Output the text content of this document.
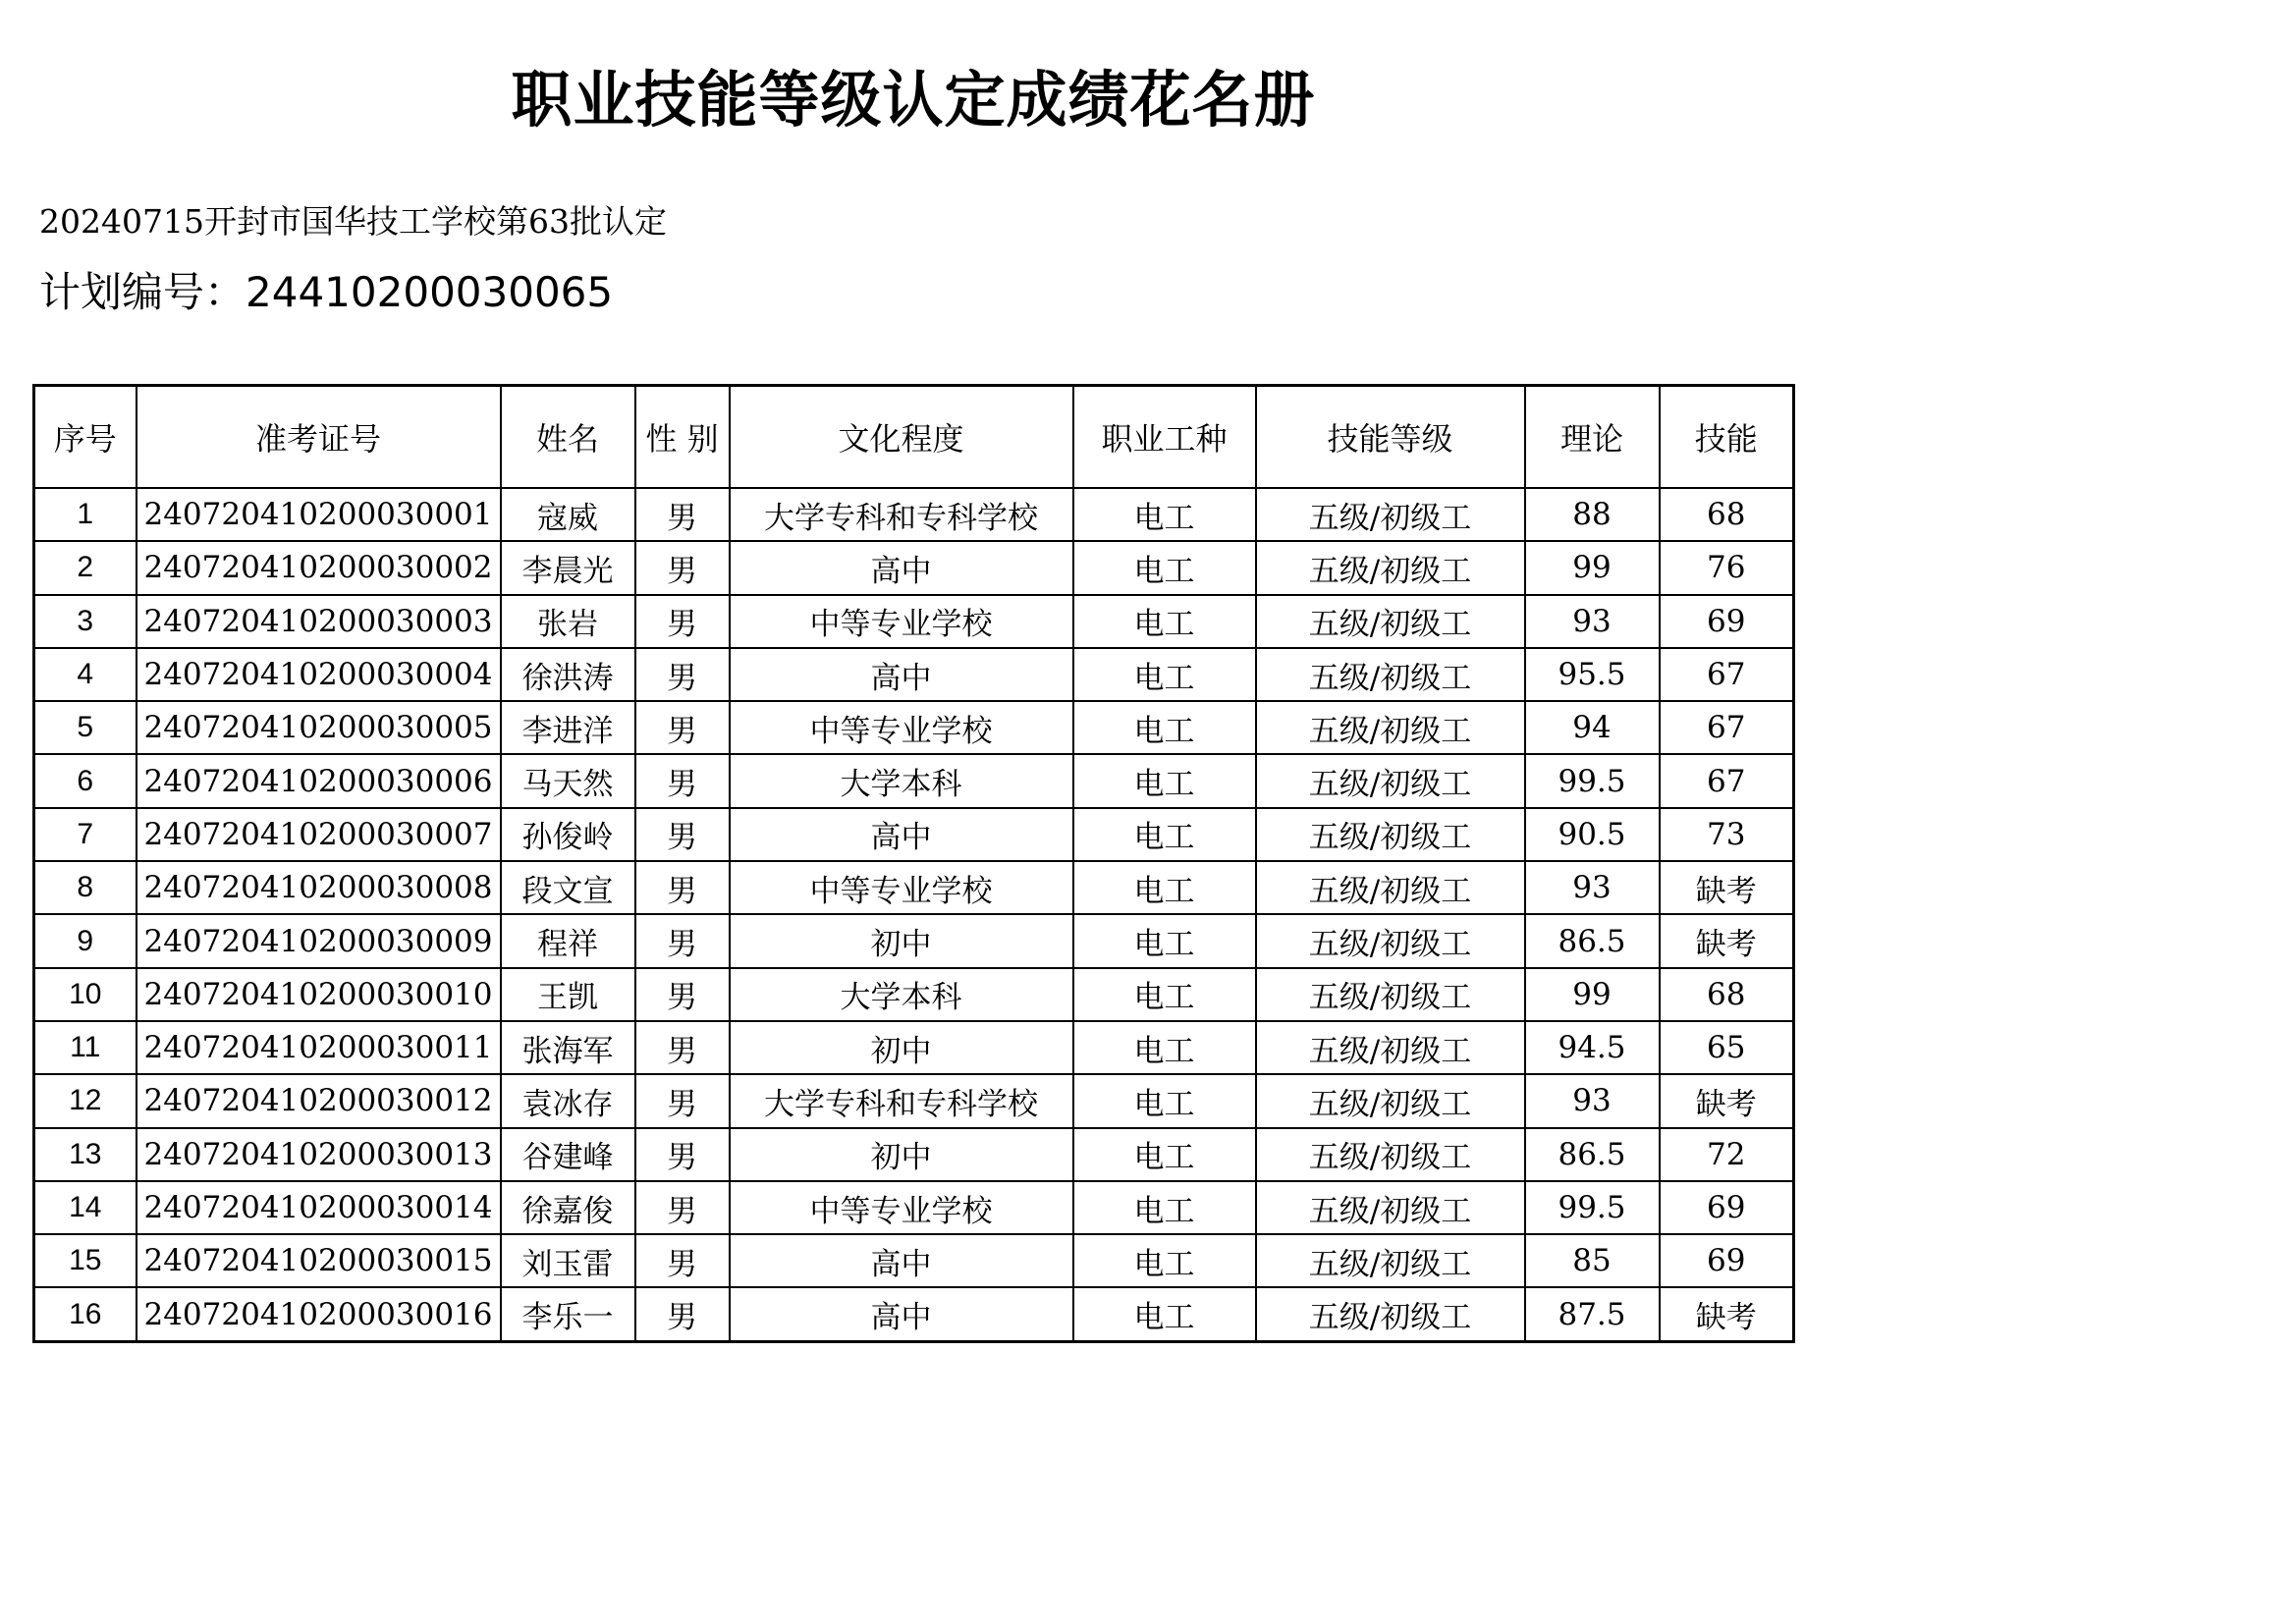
职业技能等级认定成绩花名册
20240715开封市国华技工学校第63批认定
计划编号：24410200030065
序号	准考证号	姓名	性 别	文化程度	职业工种	技能等级	理论	技能
1	240720410200030001	寇威	男	大学专科和专科学校	电工	五级/初级工	88	68
2	240720410200030002	李晨光	男	高中	电工	五级/初级工	99	76
3	240720410200030003	张岩	男	中等专业学校	电工	五级/初级工	93	69
4	240720410200030004	徐洪涛	男	高中	电工	五级/初级工	95.5	67
5	240720410200030005	李进洋	男	中等专业学校	电工	五级/初级工	94	67
6	240720410200030006	马天然	男	大学本科	电工	五级/初级工	99.5	67
7	240720410200030007	孙俊岭	男	高中	电工	五级/初级工	90.5	73
8	240720410200030008	段文宣	男	中等专业学校	电工	五级/初级工	93	缺考
9	240720410200030009	程祥	男	初中	电工	五级/初级工	86.5	缺考
10	240720410200030010	王凯	男	大学本科	电工	五级/初级工	99	68
11	240720410200030011	张海军	男	初中	电工	五级/初级工	94.5	65
12	240720410200030012	袁冰存	男	大学专科和专科学校	电工	五级/初级工	93	缺考
13	240720410200030013	谷建峰	男	初中	电工	五级/初级工	86.5	72
14	240720410200030014	徐嘉俊	男	中等专业学校	电工	五级/初级工	99.5	69
15	240720410200030015	刘玉雷	男	高中	电工	五级/初级工	85	69
16	240720410200030016	李乐一	男	高中	电工	五级/初级工	87.5	缺考
